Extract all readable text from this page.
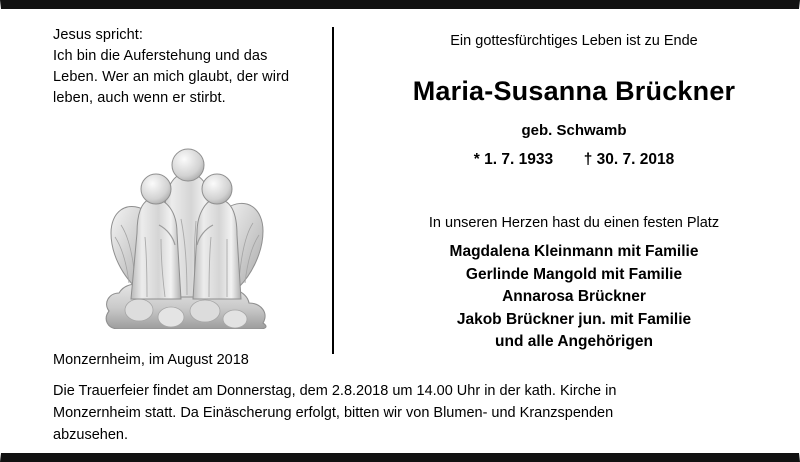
Jesus spricht:
Ich bin die Auferstehung und das
Leben. Wer an mich glaubt, der wird
leben, auch wenn er stirbt.
Monzernheim, im August 2018
Ein gottesfürchtiges Leben ist zu Ende
Maria-Susanna Brückner
geb. Schwamb
* 1. 7. 1933 † 30. 7. 2018
In unseren Herzen hast du einen festen Platz
Magdalena Kleinmann mit Familie
Gerlinde Mangold mit Familie
Annarosa Brückner
Jakob Brückner jun. mit Familie
und alle Angehörigen
Die Trauerfeier findet am Donnerstag, dem 2.8.2018 um 14.00 Uhr in der kath. Kirche in
Monzernheim statt. Da Einäscherung erfolgt, bitten wir von Blumen- und Kranzspenden
abzusehen.
